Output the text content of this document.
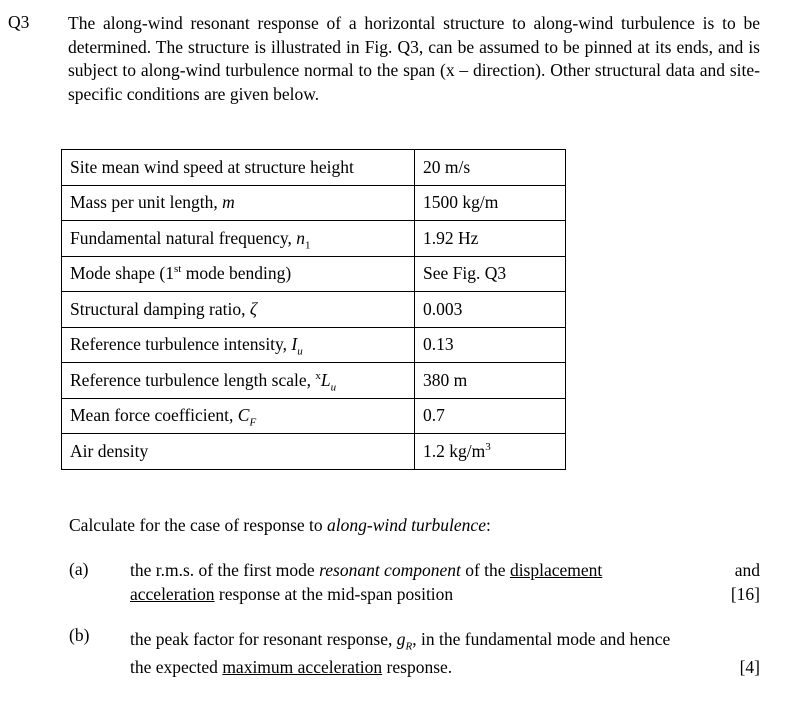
Q3 The along-wind resonant response of a horizontal structure to along-wind turbulence is to be determined. The structure is illustrated in Fig. Q3, can be assumed to be pinned at its ends, and is subject to along-wind turbulence normal to the span (x – direction). Other structural data and site-specific conditions are given below.
Site mean wind speed at structure height	20 m/s
Mass per unit length, m	1500 kg/m
Fundamental natural frequency, $n_1$	1.92 Hz
Mode shape (1st mode bending)	See Fig. Q3
Structural damping ratio, ζ	0.003
Reference turbulence intensity, $I_u$	0.13
Reference turbulence length scale, $^xL_u$	380 m
Mean force coefficient, $C_F$	0.7
Air density	1.2 $kg/m^3$
Calculate for the case of response to along-wind turbulence:
(a) the r.m.s. of the first mode resonant component of the displacement	and
acceleration response at the mid-span position	[16]
(b) the peak factor for resonant response, $g_R$, in the fundamental mode and hence
the expected maximum acceleration response.	[4]
